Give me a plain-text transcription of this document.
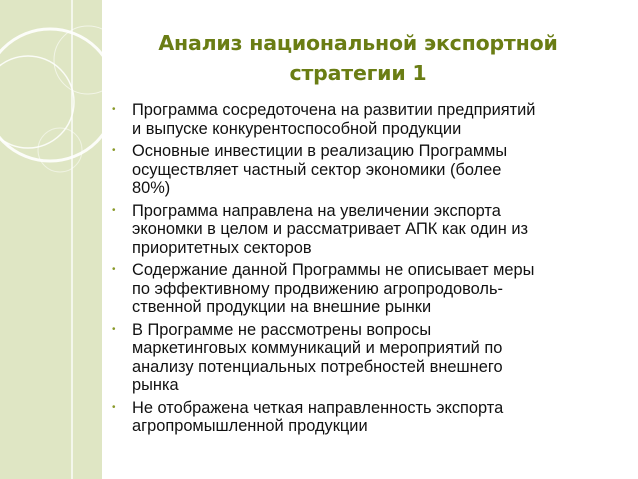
Анализ национальной экспортной
стратегии 1
• Программа сосредоточена на развитии предприятий
и выпуске конкурентоспособной продукции
• Основные инвестиции в реализацию Программы
осуществляет частный сектор экономики (более
80%)
• Программа направлена на увеличении экспорта
экономки в целом и рассматривает АПК как один из
приоритетных секторов
• Содержание данной Программы не описывает меры
по эффективному продвижению агропродоволь-
ственной продукции на внешние рынки
• В Программе не рассмотрены вопросы
маркетинговых коммуникаций и мероприятий по
анализу потенциальных потребностей внешнего
рынка
• Не отображена четкая направленность экспорта
агропромышленной продукции
